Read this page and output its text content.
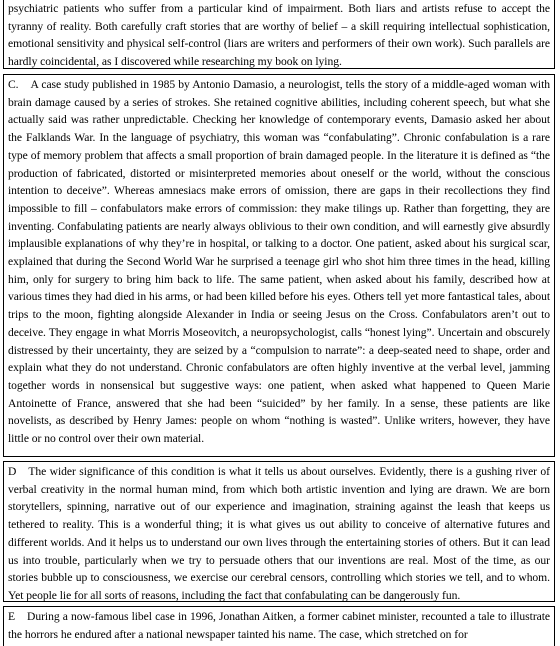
psychiatric patients who suffer from a particular kind of impairment. Both liars and artists refuse to accept the tyranny of reality. Both carefully craft stories that are worthy of belief – a skill requiring intellectual sophistication, emotional sensitivity and physical self-control (liars are writers and performers of their own work). Such parallels are hardly coincidental, as I discovered while researching my book on lying.

C. A case study published in 1985 by Antonio Damasio, a neurologist, tells the story of a middle-aged woman with brain damage caused by a series of strokes. She retained cognitive abilities, including coherent speech, but what she actually said was rather unpredictable. Checking her knowledge of contemporary events, Damasio asked her about the Falklands War. In the language of psychiatry, this woman was “confabulating”. Chronic confabulation is a rare type of memory problem that affects a small proportion of brain damaged people. In the literature it is defined as “the production of fabricated, distorted or misinterpreted memories about oneself or the world, without the conscious intention to deceive”. Whereas amnesiacs make errors of omission, there are gaps in their recollections they find impossible to fill – confabulators make errors of commission: they make tilings up. Rather than forgetting, they are inventing. Confabulating patients are nearly always oblivious to their own condition, and will earnestly give absurdly implausible explanations of why they’re in hospital, or talking to a doctor. One patient, asked about his surgical scar, explained that during the Second World War he surprised a teenage girl who shot him three times in the head, killing him, only for surgery to bring him back to life. The same patient, when asked about his family, described how at various times they had died in his arms, or had been killed before his eyes. Others tell yet more fantastical tales, about trips to the moon, fighting alongside Alexander in India or seeing Jesus on the Cross. Confabulators aren’t out to deceive. They engage in what Morris Moseovitch, a neuropsychologist, calls “honest lying”. Uncertain and obscurely distressed by their uncertainty, they are seized by a “compulsion to narrate”: a deep-seated need to shape, order and explain what they do not understand. Chronic confabulators are often highly inventive at the verbal level, jamming together words in nonsensical but suggestive ways: one patient, when asked what happened to Queen Marie Antoinette of France, answered that she had been “suicided” by her family. In a sense, these patients are like novelists, as described by Henry James: people on whom “nothing is wasted”. Unlike writers, however, they have little or no control over their own material.

D The wider significance of this condition is what it tells us about ourselves. Evidently, there is a gushing river of verbal creativity in the normal human mind, from which both artistic invention and lying are drawn. We are born storytellers, spinning, narrative out of our experience and imagination, straining against the leash that keeps us tethered to reality. This is a wonderful thing; it is what gives us out ability to conceive of alternative futures and different worlds. And it helps us to understand our own lives through the entertaining stories of others. But it can lead us into trouble, particularly when we try to persuade others that our inventions are real. Most of the time, as our stories bubble up to consciousness, we exercise our cerebral censors, controlling which stories we tell, and to whom. Yet people lie for all sorts of reasons, including the fact that confabulating can be dangerously fun.

E During a now-famous libel case in 1996, Jonathan Aitken, a former cabinet minister, recounted a tale to illustrate the horrors he endured after a national newspaper tainted his name. The case, which stretched on for
